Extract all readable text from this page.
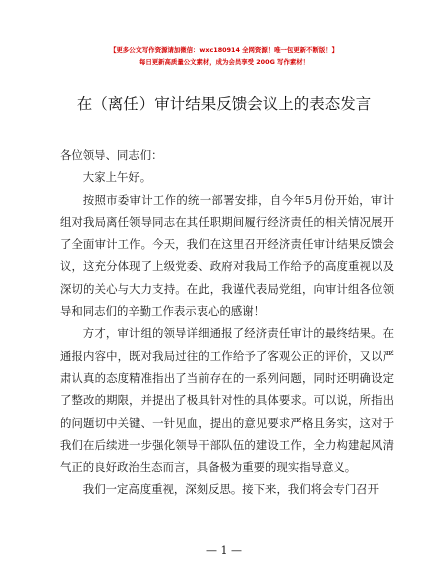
【更多公文写作资源请加微信：wxc180914 全网资源！唯一包更新不断版！】
每日更新高质量公文素材，成为会员享受 200G 写作素材！
在（离任）审计结果反馈会议上的表态发言

各位领导、同志们：

大家上午好。

按照市委审计工作的统一部署安排，自今年5月份开始，审计组对我局离任领导同志在其任职期间履行经济责任的相关情况展开了全面审计工作。今天，我们在这里召开经济责任审计结果反馈会议，这充分体现了上级党委、政府对我局工作给予的高度重视以及深切的关心与大力支持。在此，我谨代表局党组，向审计组各位领导和同志们的辛勤工作表示衷心的感谢！

方才，审计组的领导详细通报了经济责任审计的最终结果。在通报内容中，既对我局过往的工作给予了客观公正的评价，又以严肃认真的态度精准指出了当前存在的一系列问题，同时还明确设定了整改的期限，并提出了极具针对性的具体要求。可以说，所指出的问题切中关键、一针见血，提出的意见要求严格且务实，这对于我们在后续进一步强化领导干部队伍的建设工作，全力构建起风清气正的良好政治生态而言，具备极为重要的现实指导意义。

我们一定高度重视，深刻反思。接下来，我们将会专门召开

— 1 —
